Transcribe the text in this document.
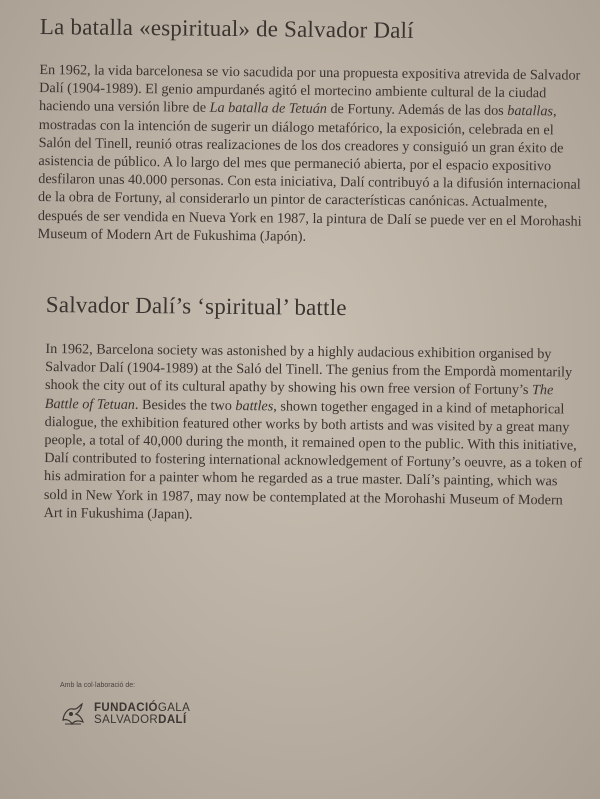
La batalla «espiritual» de Salvador Dalí

En 1962, la vida barcelonesa se vio sacudida por una propuesta expositiva atrevida de Salvador Dalí (1904-1989). El genio ampurdanés agitó el mortecino ambiente cultural de la ciudad haciendo una versión libre de La batalla de Tetuán de Fortuny. Además de las dos batallas, mostradas con la intención de sugerir un diálogo metafórico, la exposición, celebrada en el Salón del Tinell, reunió otras realizaciones de los dos creadores y consiguió un gran éxito de asistencia de público. A lo largo del mes que permaneció abierta, por el espacio expositivo desfilaron unas 40.000 personas. Con esta iniciativa, Dalí contribuyó a la difusión internacional de la obra de Fortuny, al considerarlo un pintor de características canónicas. Actualmente, después de ser vendida en Nueva York en 1987, la pintura de Dalí se puede ver en el Morohashi Museum of Modern Art de Fukushima (Japón).

Salvador Dalí’s ‘spiritual’ battle

In 1962, Barcelona society was astonished by a highly audacious exhibition organised by Salvador Dalí (1904-1989) at the Saló del Tinell. The genius from the Empordà momentarily shook the city out of its cultural apathy by showing his own free version of Fortuny’s The Battle of Tetuan. Besides the two battles, shown together engaged in a kind of metaphorical dialogue, the exhibition featured other works by both artists and was visited by a great many people, a total of 40,000 during the month, it remained open to the public. With this initiative, Dalí contributed to fostering international acknowledgement of Fortuny’s oeuvre, as a token of his admiration for a painter whom he regarded as a true master. Dalí’s painting, which was sold in New York in 1987, may now be contemplated at the Morohashi Museum of Modern Art in Fukushima (Japan).

Amb la col·laboració de:
FUNDACIÓGALA
SALVADORDALÍ
